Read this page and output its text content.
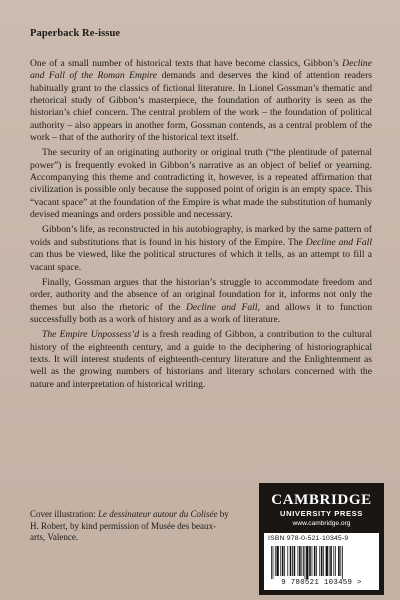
Paperback Re-issue

One of a small number of historical texts that have become classics, Gibbon’s Decline and Fall of the Roman Empire demands and deserves the kind of attention readers habitually grant to the classics of fictional literature. In Lionel Gossman’s thematic and rhetorical study of Gibbon’s masterpiece, the foundation of authority is seen as the historian’s chief concern. The central problem of the work – the foundation of political authority – also appears in another form, Gossman contends, as a central problem of the work – that of the authority of the historical text itself.

The security of an originating authority or original truth (“the plentitude of paternal power”) is frequently evoked in Gibbon’s narrative as an object of belief or yearning. Accompanying this theme and contradicting it, however, is a repeated affirmation that civilization is possible only because the supposed point of origin is an empty space. This “vacant space” at the foundation of the Empire is what made the substitution of humanly devised meanings and orders possible and necessary.

Gibbon’s life, as reconstructed in his autobiography, is marked by the same pattern of voids and substitutions that is found in his history of the Empire. The Decline and Fall can thus be viewed, like the political structures of which it tells, as an attempt to fill a vacant space.

Finally, Gossman argues that the historian’s struggle to accommodate freedom and order, authority and the absence of an original foundation for it, informs not only the themes but also the rhetoric of the Decline and Fall, and allows it to function successfully both as a work of history and as a work of literature.

The Empire Unpossess’d is a fresh reading of Gibbon, a contribution to the cultural history of the eighteenth century, and a guide to the deciphering of historiographical texts. It will interest students of eighteenth-century literature and the Enlightenment as well as the growing numbers of historians and literary scholars concerned with the nature and interpretation of historical writing.

Cover illustration: Le dessinateur autour du Colisée by H. Robert, by kind permission of Musée des beaux-arts, Valence.
CAMBRIDGE
UNIVERSITY PRESS
www.cambridge.org
ISBN 978-0-521-10345-9
9 780521 103459 >
